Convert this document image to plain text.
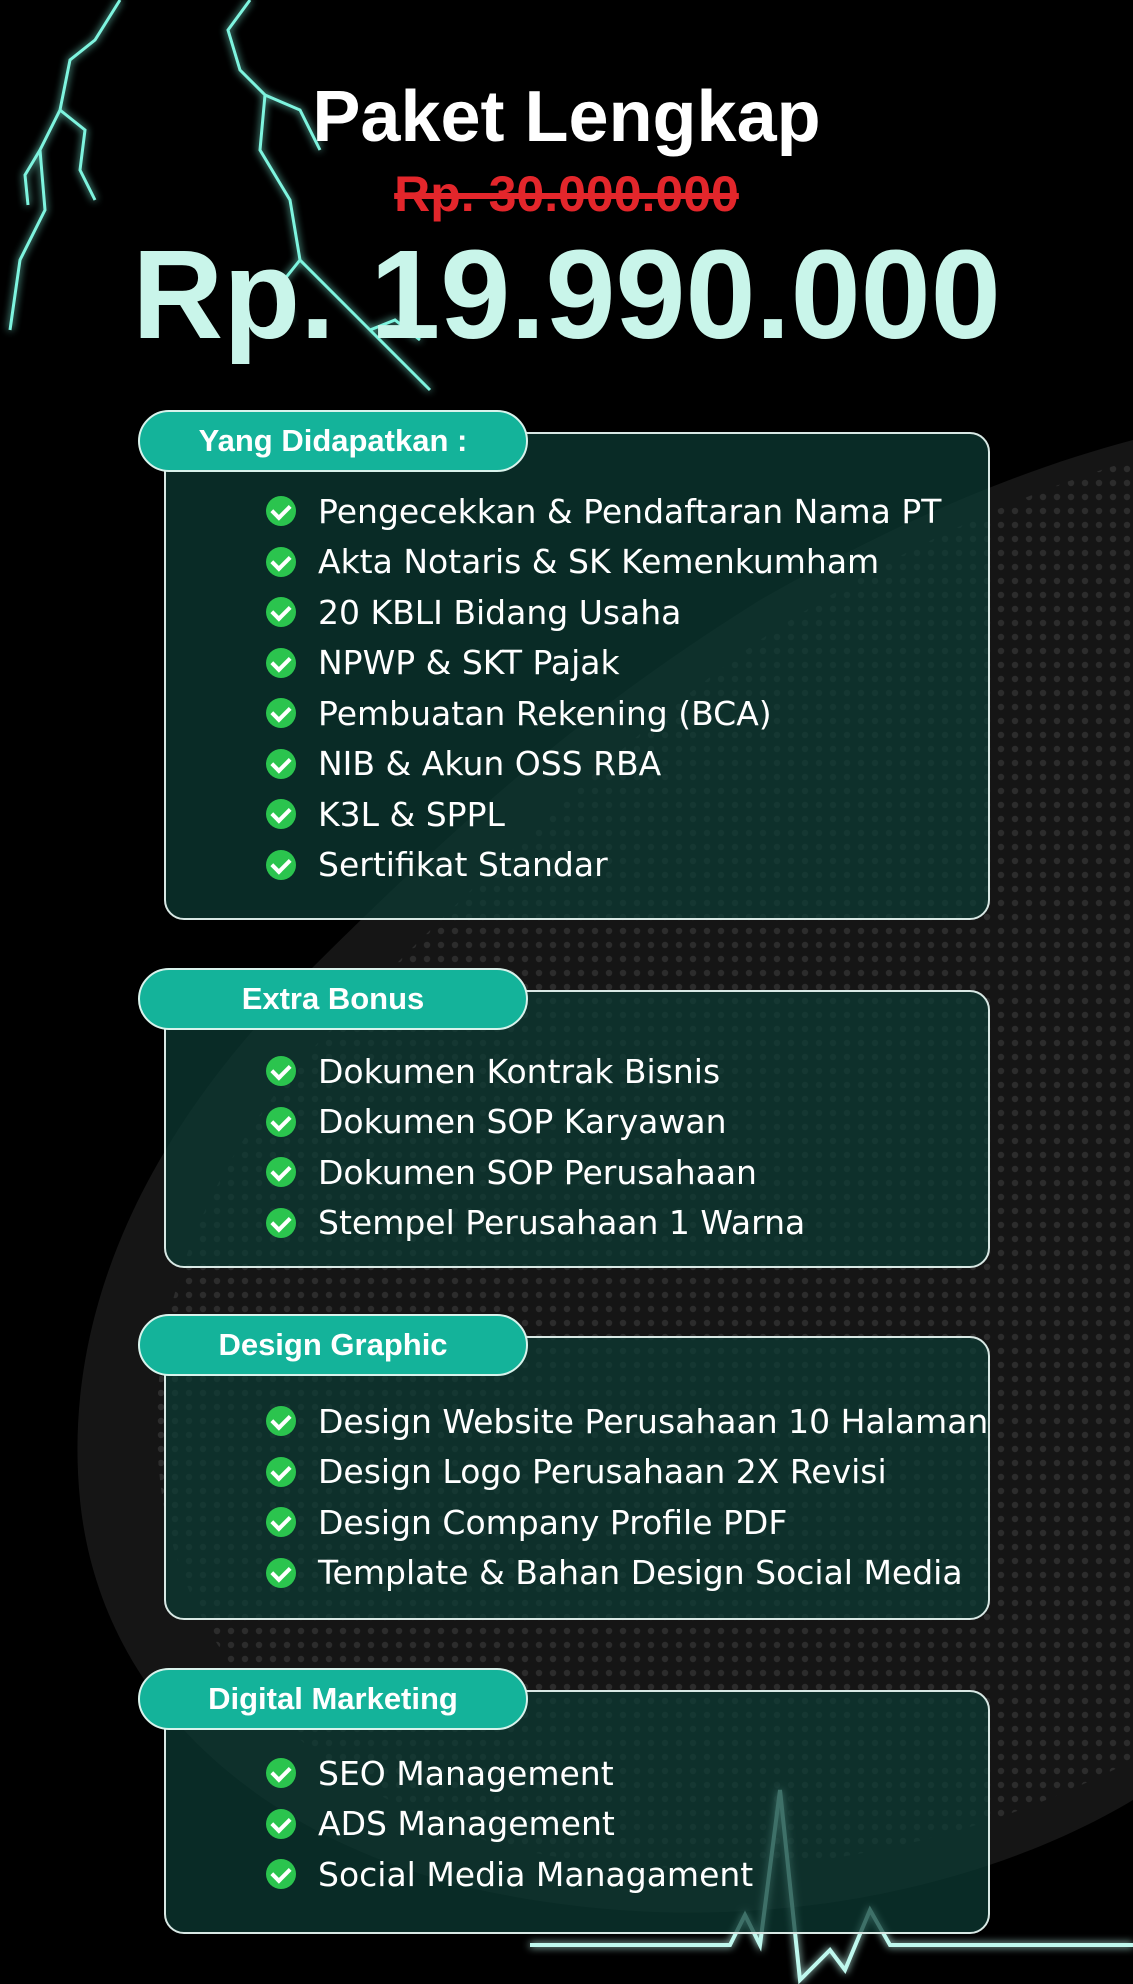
Paket Lengkap
Rp. 30.000.000
Rp. 19.990.000
Pengecekkan & Pendaftaran Nama PT
Akta Notaris & SK Kemenkumham
20 KBLI Bidang Usaha
NPWP & SKT Pajak
Pembuatan Rekening (BCA)
NIB & Akun OSS RBA
K3L & SPPL
Sertifikat Standar
Yang Didapatkan :
Dokumen Kontrak Bisnis
Dokumen SOP Karyawan
Dokumen SOP Perusahaan
Stempel Perusahaan 1 Warna
Extra Bonus
Design Website Perusahaan 10 Halaman
Design Logo Perusahaan 2X Revisi
Design Company Profile PDF
Template & Bahan Design Social Media
Design Graphic
SEO Management
ADS Management
Social Media Managament
Digital Marketing
